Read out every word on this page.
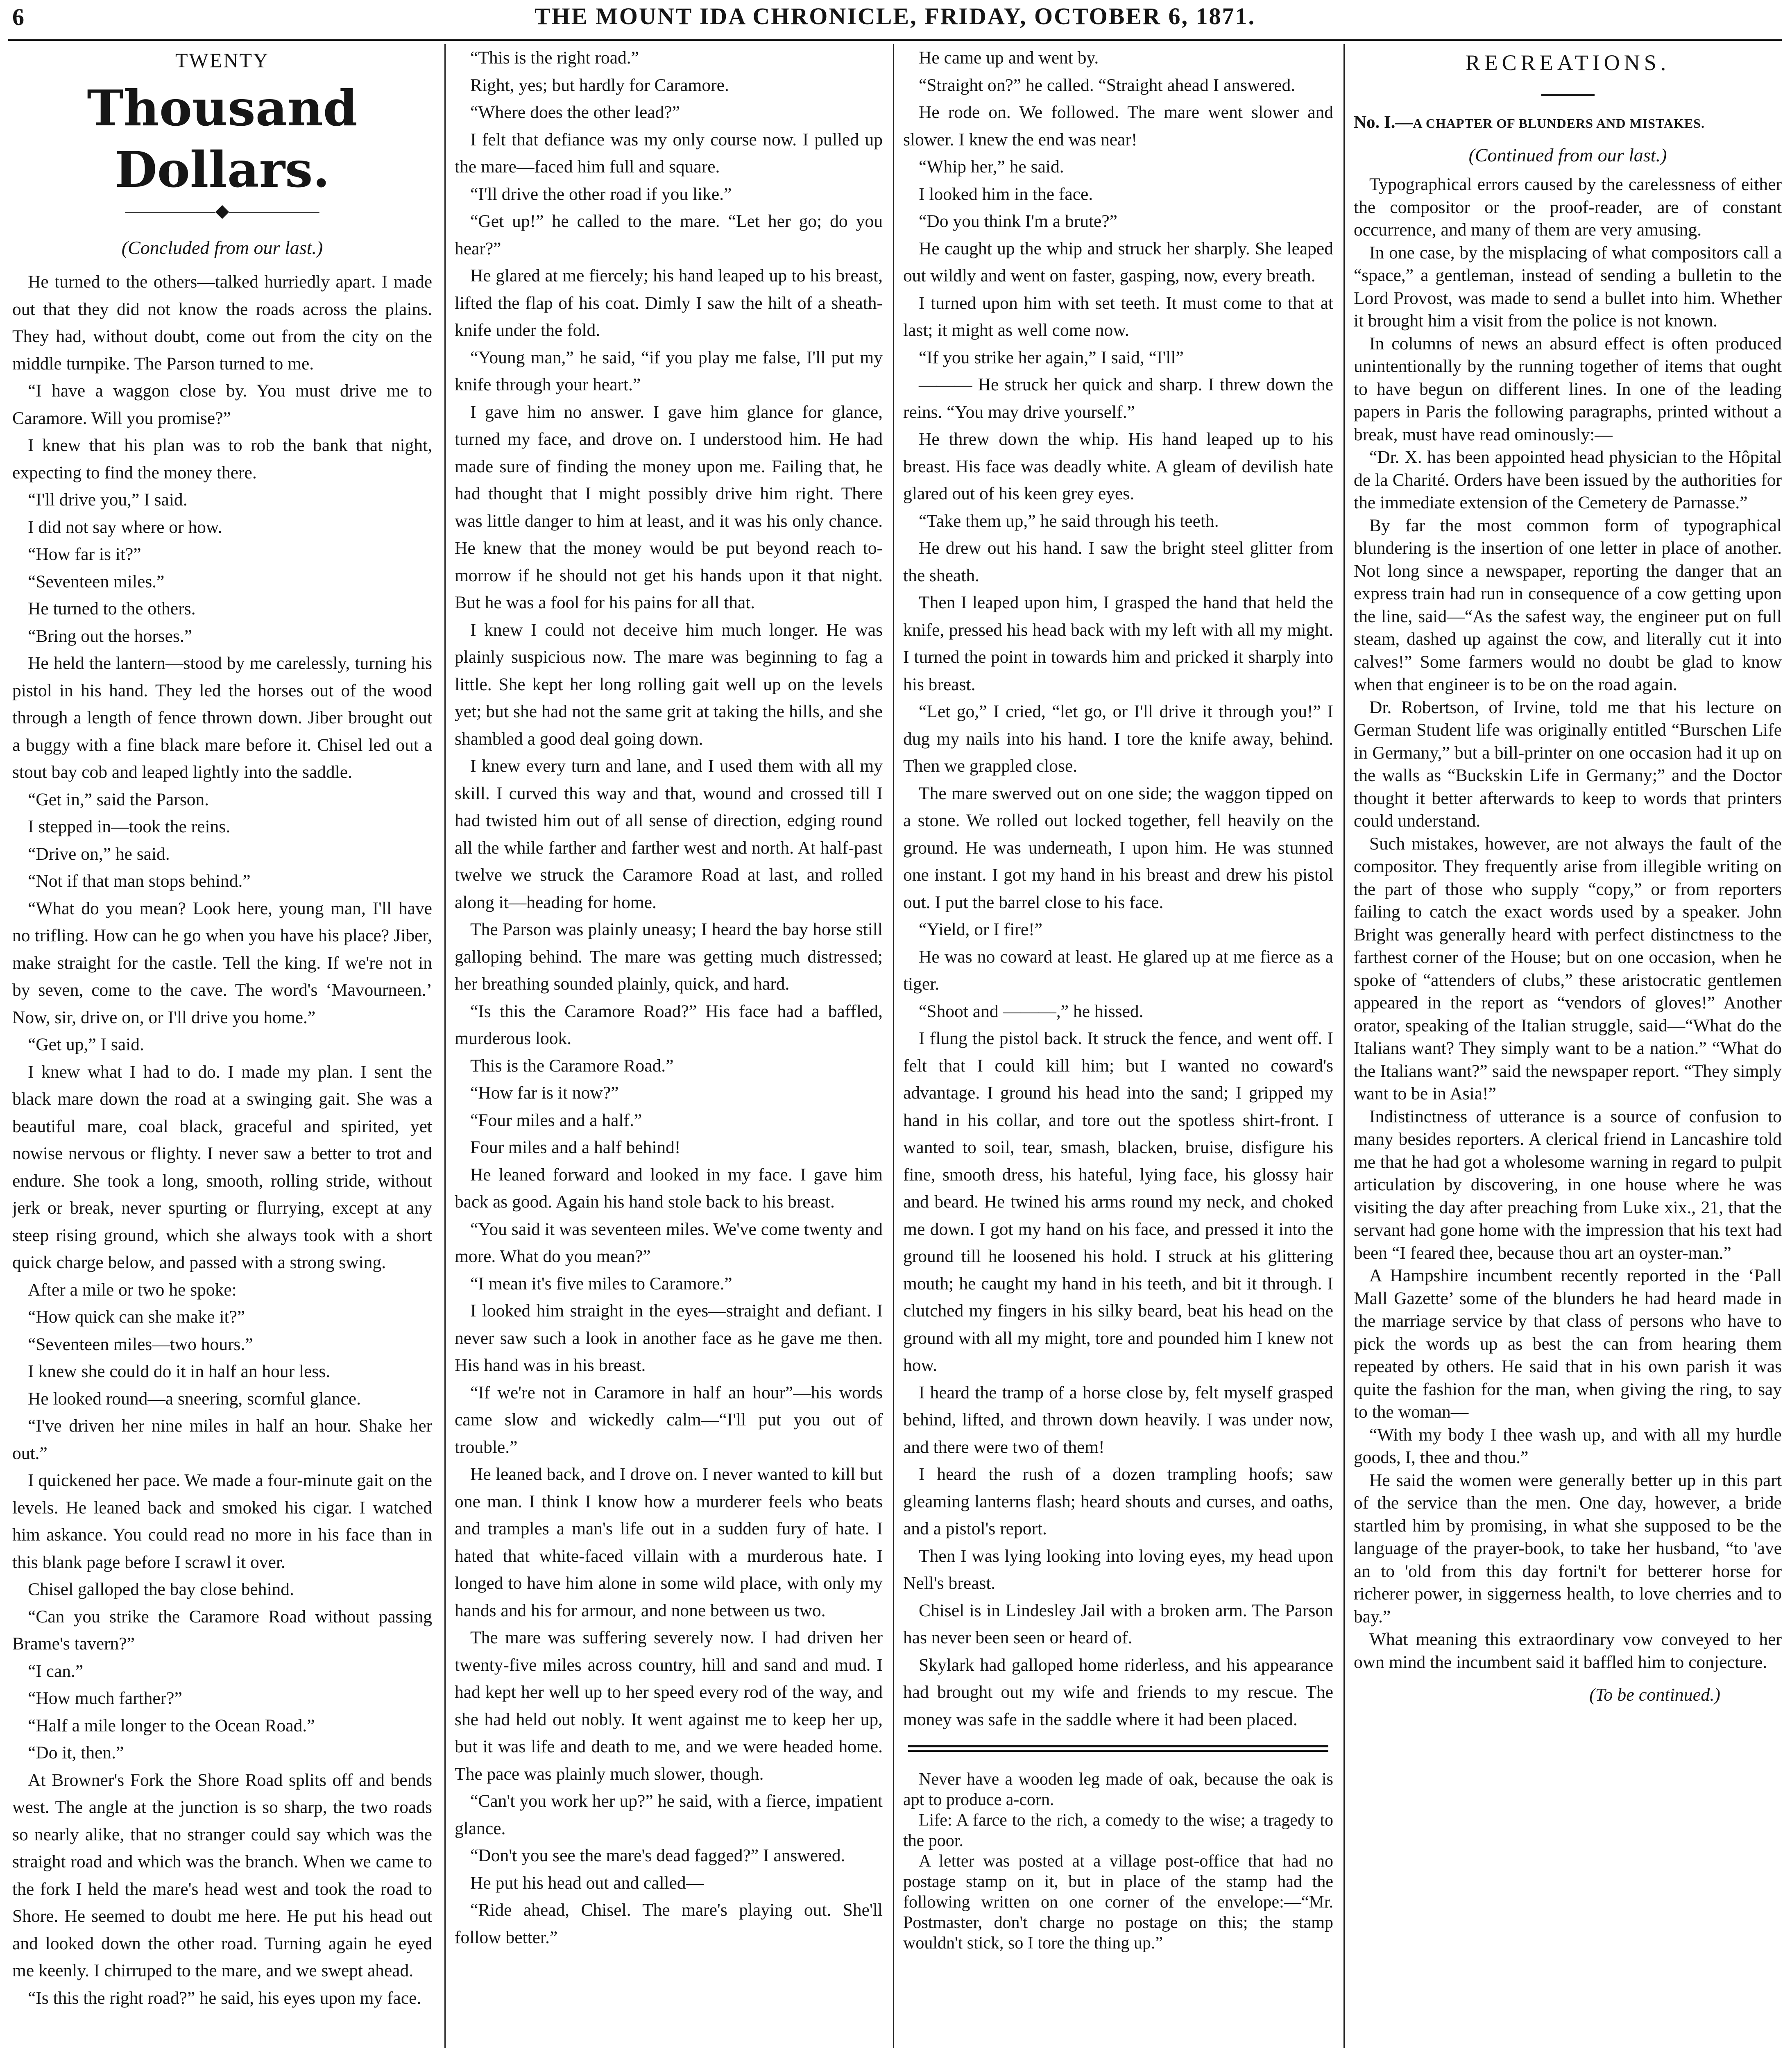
6	THE MOUNT IDA CHRONICLE, FRIDAY, OCTOBER 6, 1871.
TWENTY
Thousand Dollars.
—————◆—————
(Concluded from our last.)

He turned to the others—talked hurriedly apart. I made out that they did not know the roads across the plains. They had, without doubt, come out from the city on the middle turnpike. The Parson turned to me.

“I have a waggon close by. You must drive me to Caramore. Will you promise?”

I knew that his plan was to rob the bank that night, expecting to find the money there.

“I'll drive you,” I said.

I did not say where or how.

“How far is it?”

“Seventeen miles.”

He turned to the others.

“Bring out the horses.”

He held the lantern—stood by me carelessly, turning his pistol in his hand. They led the horses out of the wood through a length of fence thrown down. Jiber brought out a buggy with a fine black mare before it. Chisel led out a stout bay cob and leaped lightly into the saddle.

“Get in,” said the Parson.

I stepped in—took the reins.

“Drive on,” he said.

“Not if that man stops behind.”

“What do you mean? Look here, young man, I'll have no trifling. How can he go when you have his place? Jiber, make straight for the castle. Tell the king. If we're not in by seven, come to the cave. The word's ‘Mavourneen.’ Now, sir, drive on, or I'll drive you home.”

“Get up,” I said.

I knew what I had to do. I made my plan. I sent the black mare down the road at a swinging gait. She was a beautiful mare, coal black, graceful and spirited, yet nowise nervous or flighty. I never saw a better to trot and endure. She took a long, smooth, rolling stride, without jerk or break, never spurting or flurrying, except at any steep rising ground, which she always took with a short quick charge below, and passed with a strong swing.

After a mile or two he spoke:

“How quick can she make it?”

“Seventeen miles—two hours.”

I knew she could do it in half an hour less.

He looked round—a sneering, scornful glance.

“I've driven her nine miles in half an hour. Shake her out.”

I quickened her pace. We made a four-minute gait on the levels. He leaned back and smoked his cigar. I watched him askance. You could read no more in his face than in this blank page before I scrawl it over.

Chisel galloped the bay close behind.

“Can you strike the Caramore Road without passing Brame's tavern?”

“I can.”

“How much farther?”

“Half a mile longer to the Ocean Road.”

“Do it, then.”

At Browner's Fork the Shore Road splits off and bends west. The angle at the junction is so sharp, the two roads so nearly alike, that no stranger could say which was the straight road and which was the branch. When we came to the fork I held the mare's head west and took the road to Shore. He seemed to doubt me here. He put his head out and looked down the other road. Turning again he eyed me keenly. I chirruped to the mare, and we swept ahead.

“Is this the right road?” he said, his eyes upon my face.

“This is the right road.”

Right, yes; but hardly for Caramore.

“Where does the other lead?”

I felt that defiance was my only course now. I pulled up the mare—faced him full and square.

“I'll drive the other road if you like.”

“Get up!” he called to the mare. “Let her go; do you hear?”

He glared at me fiercely; his hand leaped up to his breast, lifted the flap of his coat. Dimly I saw the hilt of a sheath-knife under the fold.

“Young man,” he said, “if you play me false, I'll put my knife through your heart.”

I gave him no answer. I gave him glance for glance, turned my face, and drove on. I understood him. He had made sure of finding the money upon me. Failing that, he had thought that I might possibly drive him right. There was little danger to him at least, and it was his only chance. He knew that the money would be put beyond reach to-morrow if he should not get his hands upon it that night. But he was a fool for his pains for all that.

I knew I could not deceive him much longer. He was plainly suspicious now. The mare was beginning to fag a little. She kept her long rolling gait well up on the levels yet; but she had not the same grit at taking the hills, and she shambled a good deal going down.

I knew every turn and lane, and I used them with all my skill. I curved this way and that, wound and crossed till I had twisted him out of all sense of direction, edging round all the while farther and farther west and north. At half-past twelve we struck the Caramore Road at last, and rolled along it—heading for home.

The Parson was plainly uneasy; I heard the bay horse still galloping behind. The mare was getting much distressed; her breathing sounded plainly, quick, and hard.

“Is this the Caramore Road?” His face had a baffled, murderous look.

This is the Caramore Road.”

“How far is it now?”

“Four miles and a half.”

Four miles and a half behind!

He leaned forward and looked in my face. I gave him back as good. Again his hand stole back to his breast.

“You said it was seventeen miles. We've come twenty and more. What do you mean?”

“I mean it's five miles to Caramore.”

I looked him straight in the eyes—straight and defiant. I never saw such a look in another face as he gave me then. His hand was in his breast.

“If we're not in Caramore in half an hour”—his words came slow and wickedly calm—“I'll put you out of trouble.”

He leaned back, and I drove on. I never wanted to kill but one man. I think I know how a murderer feels who beats and tramples a man's life out in a sudden fury of hate. I hated that white-faced villain with a murderous hate. I longed to have him alone in some wild place, with only my hands and his for armour, and none between us two.

The mare was suffering severely now. I had driven her twenty-five miles across country, hill and sand and mud. I had kept her well up to her speed every rod of the way, and she had held out nobly. It went against me to keep her up, but it was life and death to me, and we were headed home. The pace was plainly much slower, though.

“Can't you work her up?” he said, with a fierce, impatient glance.

“Don't you see the mare's dead fagged?” I answered.

He put his head out and called—

“Ride ahead, Chisel. The mare's playing out. She'll follow better.”

He came up and went by.

“Straight on?” he called. “Straight ahead I answered.

He rode on. We followed. The mare went slower and slower. I knew the end was near!

“Whip her,” he said.

I looked him in the face.

“Do you think I'm a brute?”

He caught up the whip and struck her sharply. She leaped out wildly and went on faster, gasping, now, every breath.

I turned upon him with set teeth. It must come to that at last; it might as well come now.

“If you strike her again,” I said, “I'll”

——— He struck her quick and sharp. I threw down the reins. “You may drive yourself.”

He threw down the whip. His hand leaped up to his breast. His face was deadly white. A gleam of devilish hate glared out of his keen grey eyes.

“Take them up,” he said through his teeth.

He drew out his hand. I saw the bright steel glitter from the sheath.

Then I leaped upon him, I grasped the hand that held the knife, pressed his head back with my left with all my might. I turned the point in towards him and pricked it sharply into his breast.

“Let go,” I cried, “let go, or I'll drive it through you!” I dug my nails into his hand. I tore the knife away, behind. Then we grappled close.

The mare swerved out on one side; the waggon tipped on a stone. We rolled out locked together, fell heavily on the ground. He was underneath, I upon him. He was stunned one instant. I got my hand in his breast and drew his pistol out. I put the barrel close to his face.

“Yield, or I fire!”

He was no coward at least. He glared up at me fierce as a tiger.

“Shoot and ———,” he hissed.

I flung the pistol back. It struck the fence, and went off. I felt that I could kill him; but I wanted no coward's advantage. I ground his head into the sand; I gripped my hand in his collar, and tore out the spotless shirt-front. I wanted to soil, tear, smash, blacken, bruise, disfigure his fine, smooth dress, his hateful, lying face, his glossy hair and beard. He twined his arms round my neck, and choked me down. I got my hand on his face, and pressed it into the ground till he loosened his hold. I struck at his glittering mouth; he caught my hand in his teeth, and bit it through. I clutched my fingers in his silky beard, beat his head on the ground with all my might, tore and pounded him I knew not how.

I heard the tramp of a horse close by, felt myself grasped behind, lifted, and thrown down heavily. I was under now, and there were two of them!

I heard the rush of a dozen trampling hoofs; saw gleaming lanterns flash; heard shouts and curses, and oaths, and a pistol's report.

Then I was lying looking into loving eyes, my head upon Nell's breast.

Chisel is in Lindesley Jail with a broken arm. The Parson has never been seen or heard of.

Skylark had galloped home riderless, and his appearance had brought out my wife and friends to my rescue. The money was safe in the saddle where it had been placed.

Never have a wooden leg made of oak, because the oak is apt to produce a-corn.

Life: A farce to the rich, a comedy to the wise; a tragedy to the poor.

A letter was posted at a village post-office that had no postage stamp on it, but in place of the stamp had the following written on one corner of the envelope:—“Mr. Postmaster, don't charge no postage on this; the stamp wouldn't stick, so I tore the thing up.”

RECREATIONS.
No. I.—A CHAPTER OF BLUNDERS AND MISTAKES.
(Continued from our last.)

Typographical errors caused by the carelessness of either the compositor or the proof-reader, are of constant occurrence, and many of them are very amusing.

In one case, by the misplacing of what compositors call a “space,” a gentleman, instead of sending a bulletin to the Lord Provost, was made to send a bullet into him. Whether it brought him a visit from the police is not known.

In columns of news an absurd effect is often produced unintentionally by the running together of items that ought to have begun on different lines. In one of the leading papers in Paris the following paragraphs, printed without a break, must have read ominously:—

“Dr. X. has been appointed head physician to the Hôpital de la Charité. Orders have been issued by the authorities for the immediate extension of the Cemetery de Parnasse.”

By far the most common form of typographical blundering is the insertion of one letter in place of another. Not long since a newspaper, reporting the danger that an express train had run in consequence of a cow getting upon the line, said—“As the safest way, the engineer put on full steam, dashed up against the cow, and literally cut it into calves!” Some farmers would no doubt be glad to know when that engineer is to be on the road again.

Dr. Robertson, of Irvine, told me that his lecture on German Student life was originally entitled “Burschen Life in Germany,” but a bill-printer on one occasion had it up on the walls as “Buckskin Life in Germany;” and the Doctor thought it better afterwards to keep to words that printers could understand.

Such mistakes, however, are not always the fault of the compositor. They frequently arise from illegible writing on the part of those who supply “copy,” or from reporters failing to catch the exact words used by a speaker. John Bright was generally heard with perfect distinctness to the farthest corner of the House; but on one occasion, when he spoke of “attenders of clubs,” these aristocratic gentlemen appeared in the report as “vendors of gloves!” Another orator, speaking of the Italian struggle, said—“What do the Italians want? They simply want to be a nation.” “What do the Italians want?” said the newspaper report. “They simply want to be in Asia!”

Indistinctness of utterance is a source of confusion to many besides reporters. A clerical friend in Lancashire told me that he had got a wholesome warning in regard to pulpit articulation by discovering, in one house where he was visiting the day after preaching from Luke xix., 21, that the servant had gone home with the impression that his text had been “I feared thee, because thou art an oyster-man.”

A Hampshire incumbent recently reported in the ‘Pall Mall Gazette’ some of the blunders he had heard made in the marriage service by that class of persons who have to pick the words up as best the can from hearing them repeated by others. He said that in his own parish it was quite the fashion for the man, when giving the ring, to say to the woman—

“With my body I thee wash up, and with all my hurdle goods, I, thee and thou.”

He said the women were generally better up in this part of the service than the men. One day, however, a bride startled him by promising, in what she supposed to be the language of the prayer-book, to take her husband, “to 'ave an to 'old from this day fortni't for betterer horse for richerer power, in siggerness health, to love cherries and to bay.”

What meaning this extraordinary vow conveyed to her own mind the incumbent said it baffled him to conjecture.

(To be continued.)
